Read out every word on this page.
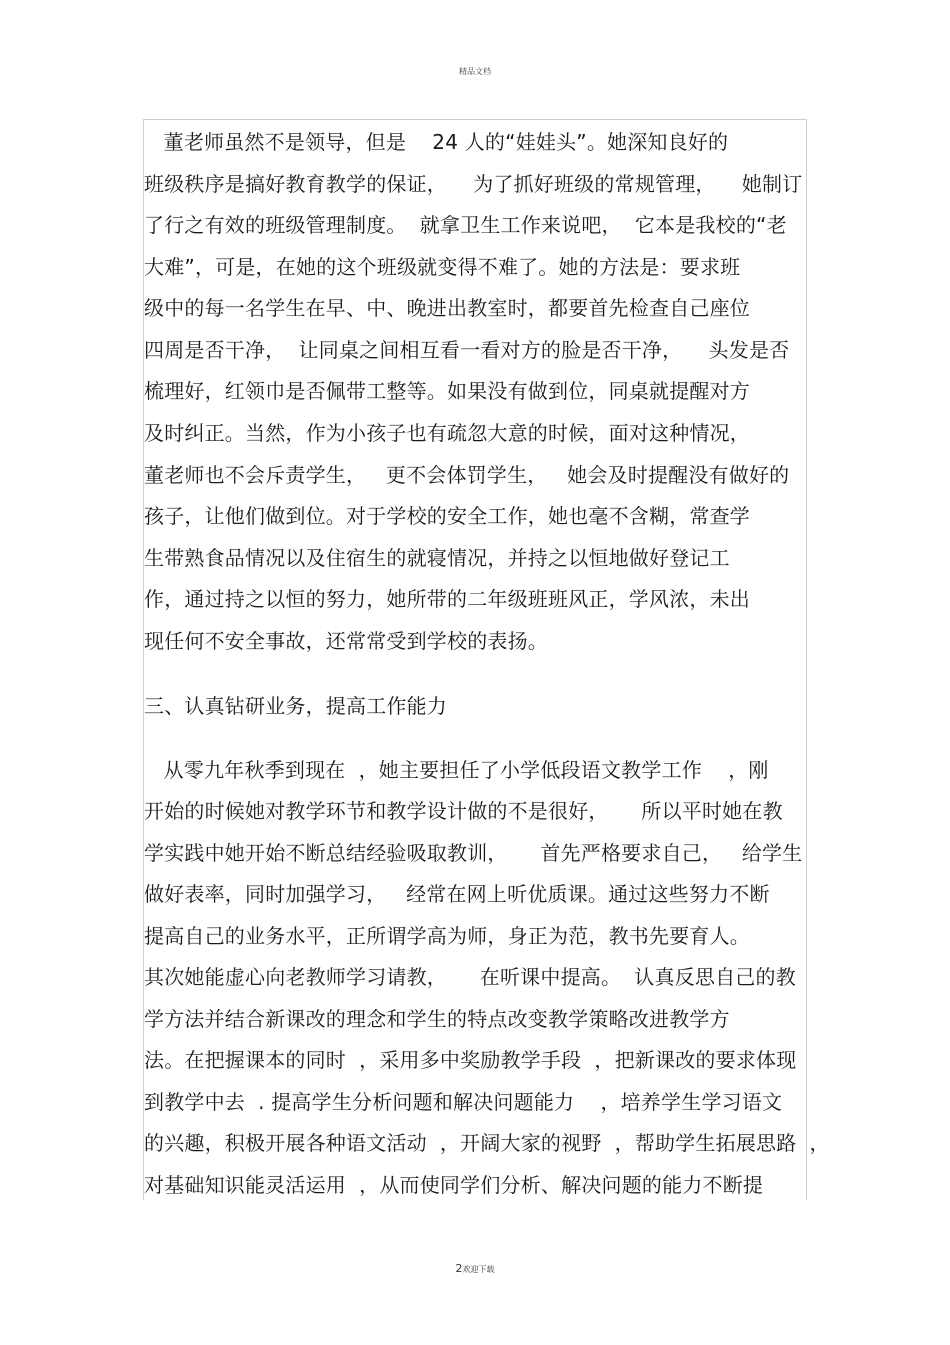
精品文档
董老师虽然不是领导，但是    24 人的“娃娃头”。她深知良好的
班级秩序是搞好教育教学的保证，    为了抓好班级的常规管理，    她制订
了行之有效的班级管理制度。  就拿卫生工作来说吧，  它本是我校的“老
大难”，可是，在她的这个班级就变得不难了。她的方法是：要求班
级中的每一名学生在早、中、晚进出教室时，都要首先检查自己座位
四周是否干净，  让同桌之间相互看一看对方的脸是否干净，    头发是否
梳理好，红领巾是否佩带工整等。如果没有做到位，同桌就提醒对方
及时纠正。当然，作为小孩子也有疏忽大意的时候，面对这种情况，
董老师也不会斥责学生，   更不会体罚学生，   她会及时提醒没有做好的
孩子，让他们做到位。对于学校的安全工作，她也毫不含糊，常查学
生带熟食品情况以及住宿生的就寝情况，并持之以恒地做好登记工
作，通过持之以恒的努力，她所带的二年级班班风正，学风浓，未出
现任何不安全事故，还常常受到学校的表扬。
三、认真钻研业务，提高工作能力
从零九年秋季到现在  ，她主要担任了小学低段语文教学工作    ，刚
开始的时候她对教学环节和教学设计做的不是很好，     所以平时她在教
学实践中她开始不断总结经验吸取教训，     首先严格要求自己，   给学生
做好表率，同时加强学习，   经常在网上听优质课。通过这些努力不断
提高自己的业务水平，正所谓学高为师，身正为范，教书先要育人。
其次她能虚心向老教师学习请教，     在听课中提高。  认真反思自己的教
学方法并结合新课改的理念和学生的特点改变教学策略改进教学方
法。在把握课本的同时  ，采用多中奖励教学手段  ，把新课改的要求体现
到教学中去  . 提高学生分析问题和解决问题能力    ，培养学生学习语文
的兴趣，积极开展各种语文活动  ，开阔大家的视野  ，帮助学生拓展思路  ，
对基础知识能灵活运用  ，从而使同学们分析、解决问题的能力不断提
2欢迎下载
